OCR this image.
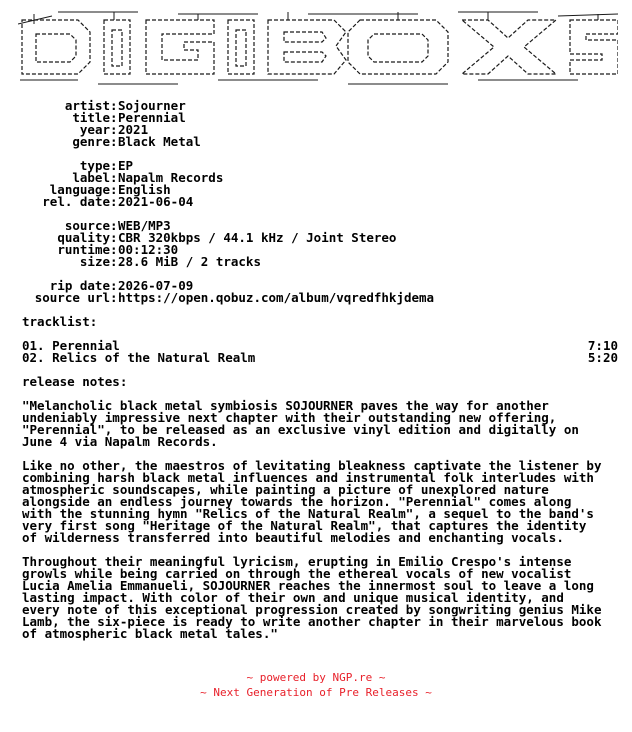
artist : Sojourner
title : Perennial
year : 2021
genre : Black Metal
type : EP
label : Napalm Records
language : English
rel. date : 2021-06-04
source : WEB/MP3
quality : CBR 320kbps / 44.1 kHz / Joint Stereo
runtime : 00:12:30
size : 28.6 MiB / 2 tracks
rip date : 2026-07-09
source url : https://open.qobuz.com/album/vqredfhkjdema
tracklist:
01. Perennial	7:10
02. Relics of the Natural Realm	5:20
release notes:
"Melancholic black metal symbiosis SOJOURNER paves the way for another undeniably impressive next chapter with their outstanding new offering, "Perennial", to be released as an exclusive vinyl edition and digitally on June 4 via Napalm Records.
Like no other, the maestros of levitating bleakness captivate the listener by combining harsh black metal influences and instrumental folk interludes with atmospheric soundscapes, while painting a picture of unexplored nature alongside an endless journey towards the horizon. "Perennial" comes along with the stunning hymn "Relics of the Natural Realm", a sequel to the band's very first song "Heritage of the Natural Realm", that captures the identity of wilderness transferred into beautiful melodies and enchanting vocals.
Throughout their meaningful lyricism, erupting in Emilio Crespo's intense growls while being carried on through the ethereal vocals of new vocalist Lucia Amelia Emmanueli, SOJOURNER reaches the innermost soul to leave a long lasting impact. With color of their own and unique musical identity, and every note of this exceptional progression created by songwriting genius Mike Lamb, the six-piece is ready to write another chapter in their marvelous book of atmospheric black metal tales."
~ powered by NGP.re ~
~ Next Generation of Pre Releases ~
